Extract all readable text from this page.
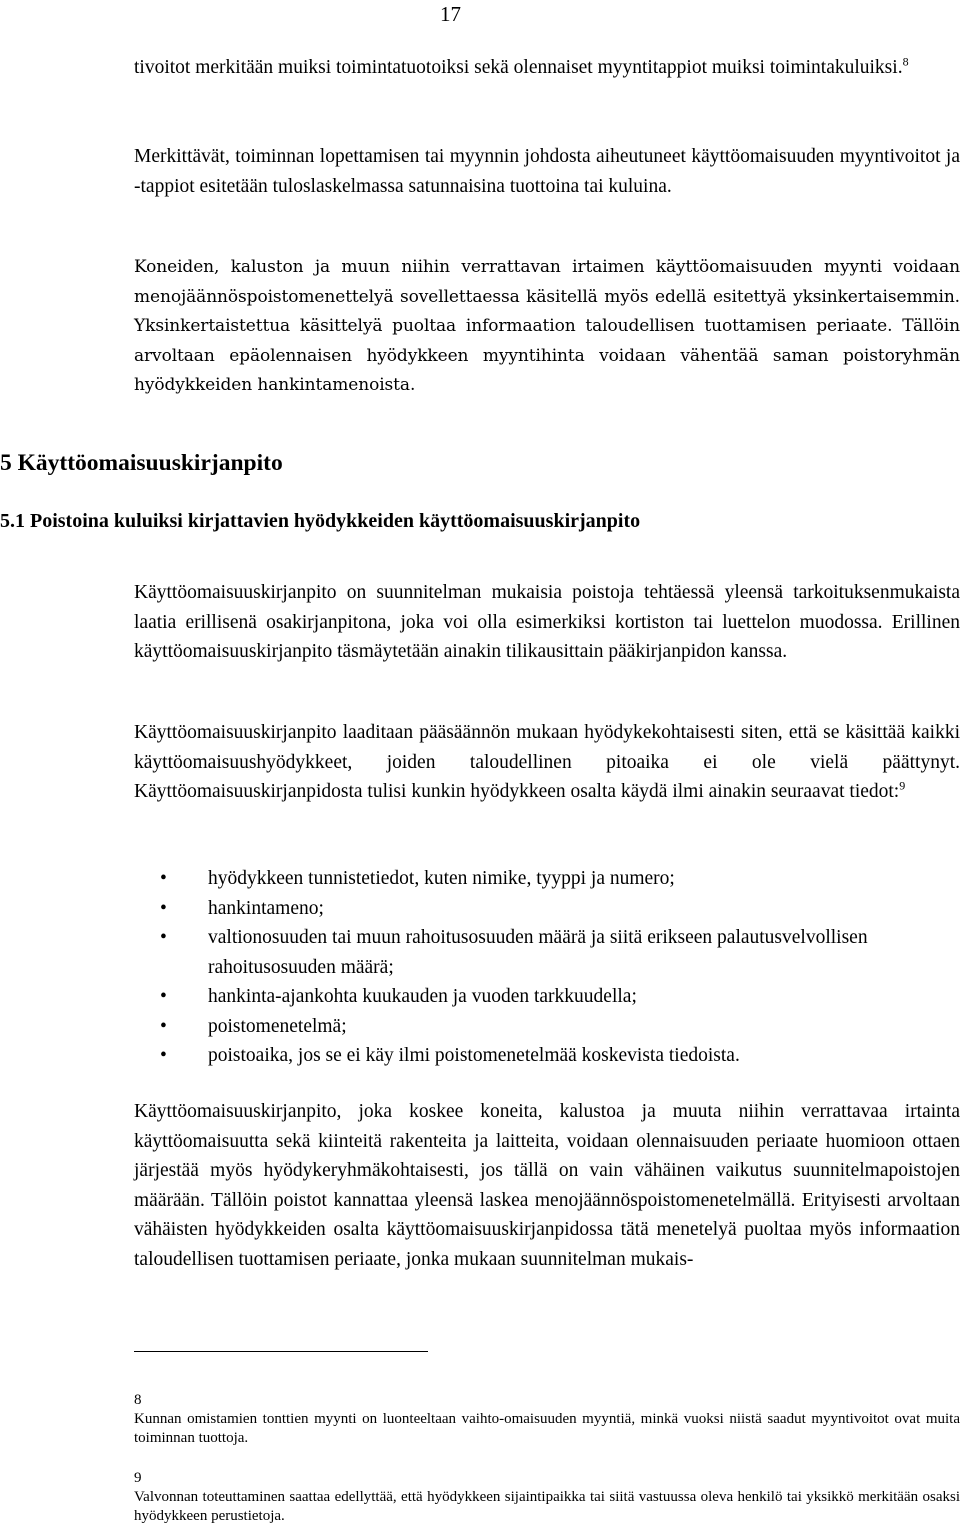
17
tivoitot merkitään muiksi toimintatuotoiksi sekä olennaiset myyntitappiot muiksi toimintakuluiksi.$^8$
Merkittävät, toiminnan lopettamisen tai myynnin johdosta aiheutuneet käyttöomaisuuden myyntivoitot ja -tappiot esitetään tuloslaskelmassa satunnaisina tuottoina tai kuluina.
Koneiden, kaluston ja muun niihin verrattavan irtaimen käyttöomaisuuden myynti voidaan menojäännöspoistomenettelyä sovellettaessa käsitellä myös edellä esitettyä yksinkertaisemmin. Yksinkertaistettua käsittelyä puoltaa informaation taloudellisen tuottamisen periaate. Tällöin arvoltaan epäolennaisen hyödykkeen myyntihinta voidaan vähentää saman poistoryhmän hyödykkeiden hankintamenoista.
5 Käyttöomaisuuskirjanpito
5.1 Poistoina kuluiksi kirjattavien hyödykkeiden käyttöomaisuuskirjanpito
Käyttöomaisuuskirjanpito on suunnitelman mukaisia poistoja tehtäessä yleensä tarkoituksenmukaista laatia erillisenä osakirjanpitona, joka voi olla esimerkiksi kortiston tai luettelon muodossa. Erillinen käyttöomaisuuskirjanpito täsmäytetään ainakin tilikausittain pääkirjanpidon kanssa.
Käyttöomaisuuskirjanpito laaditaan pääsäännön mukaan hyödykekohtaisesti siten, että se käsittää kaikki käyttöomaisuushyödykkeet, joiden taloudellinen pitoaika ei ole vielä päättynyt. Käyttöomaisuuskirjanpidosta tulisi kunkin hyödykkeen osalta käydä ilmi ainakin seuraavat tiedot:$^9$
• hyödykkeen tunnistetiedot, kuten nimike, tyyppi ja numero;
• hankintameno;
• valtionosuuden tai muun rahoitusosuuden määrä ja siitä erikseen palautusvelvollisen rahoitusosuuden määrä;
• hankinta-ajankohta kuukauden ja vuoden tarkkuudella;
• poistomenetelmä;
• poistoaika, jos se ei käy ilmi poistomenetelmää koskevista tiedoista.
Käyttöomaisuuskirjanpito, joka koskee koneita, kalustoa ja muuta niihin verrattavaa irtainta käyttöomaisuutta sekä kiinteitä rakenteita ja laitteita, voidaan olennaisuuden periaate huomioon ottaen järjestää myös hyödykeryhmäkohtaisesti, jos tällä on vain vähäinen vaikutus suunnitelmapoistojen määrään. Tällöin poistot kannattaa yleensä laskea menojäännöspoistomenetelmällä. Erityisesti arvoltaan vähäisten hyödykkeiden osalta käyttöomaisuuskirjanpidossa tätä menetelyä puoltaa myös informaation taloudellisen tuottamisen periaate, jonka mukaan suunnitelman mukais-
8
Kunnan omistamien tonttien myynti on luonteeltaan vaihto-omaisuuden myyntiä, minkä vuoksi niistä saadut myyntivoitot ovat muita toiminnan tuottoja.
9
Valvonnan toteuttaminen saattaa edellyttää, että hyödykkeen sijaintipaikka tai siitä vastuussa oleva henkilö tai yksikkö merkitään osaksi hyödykkeen perustietoja.
